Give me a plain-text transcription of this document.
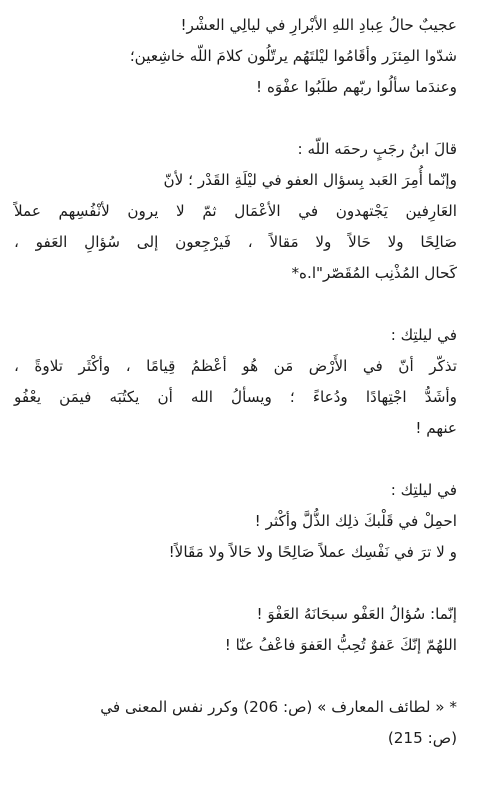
عجيبٌ حالُ عِبادِ اللهِ الأبْرارِ في ليالِي العشْر!
شدّوا المِئزَر وأقَامُوا ليْلتَهُم يرتّلُون كلامَ اللّه خاشِعين؛
وعندَما سألُوا ربّهم طلَبُوا عفْوَه !
قالَ ابنُ رجَبٍ رحمَه اللّه :
وإنّما أُمِرَ العَبد بِسؤال العفو في ليْلَةِ القَدْر ؛ لأنّ
العَارِفين يَجْتهدون في الأعْمَال ثمّ لا يرون لأنْفُسِهم عملاً
صَالِحًا ولا حَالاً ولا مَقالاً ، فَيرْجِعون إلى سُؤالِ العَفو ،
كَحال المُذْنِب المُقَصّر"ا.ه*
في ليلتِك :
تذكّر أنّ في الأَرْض مَن هُو أعْظمُ قِيامًا ، وأكْثَر تلاوةً ،
وأشَدُّ اجْتِهادًا ودُعاءً ؛ ويسألُ الله أن يكتُبَه فيمَن يعْفُو
عنهم !
في ليلتِك :
احمِلْ في قَلْبكَ ذلِك الذُّلَّ وأكْثر !
و لا ترَ في نَفْسِك عملاً صَالِحًا ولا حَالاً ولا مَقَالاً!
إنّما: سُؤالُ العَفْو سبحَانَهُ العَفْوَ !
اللهُمّ إنّكَ عَفوٌ تُحِبُّ العَفوَ فاعْفُ عنّا !
* « لطائف المعارف » (ص: 206) وكرر نفس المعنى في
(ص: 215)
